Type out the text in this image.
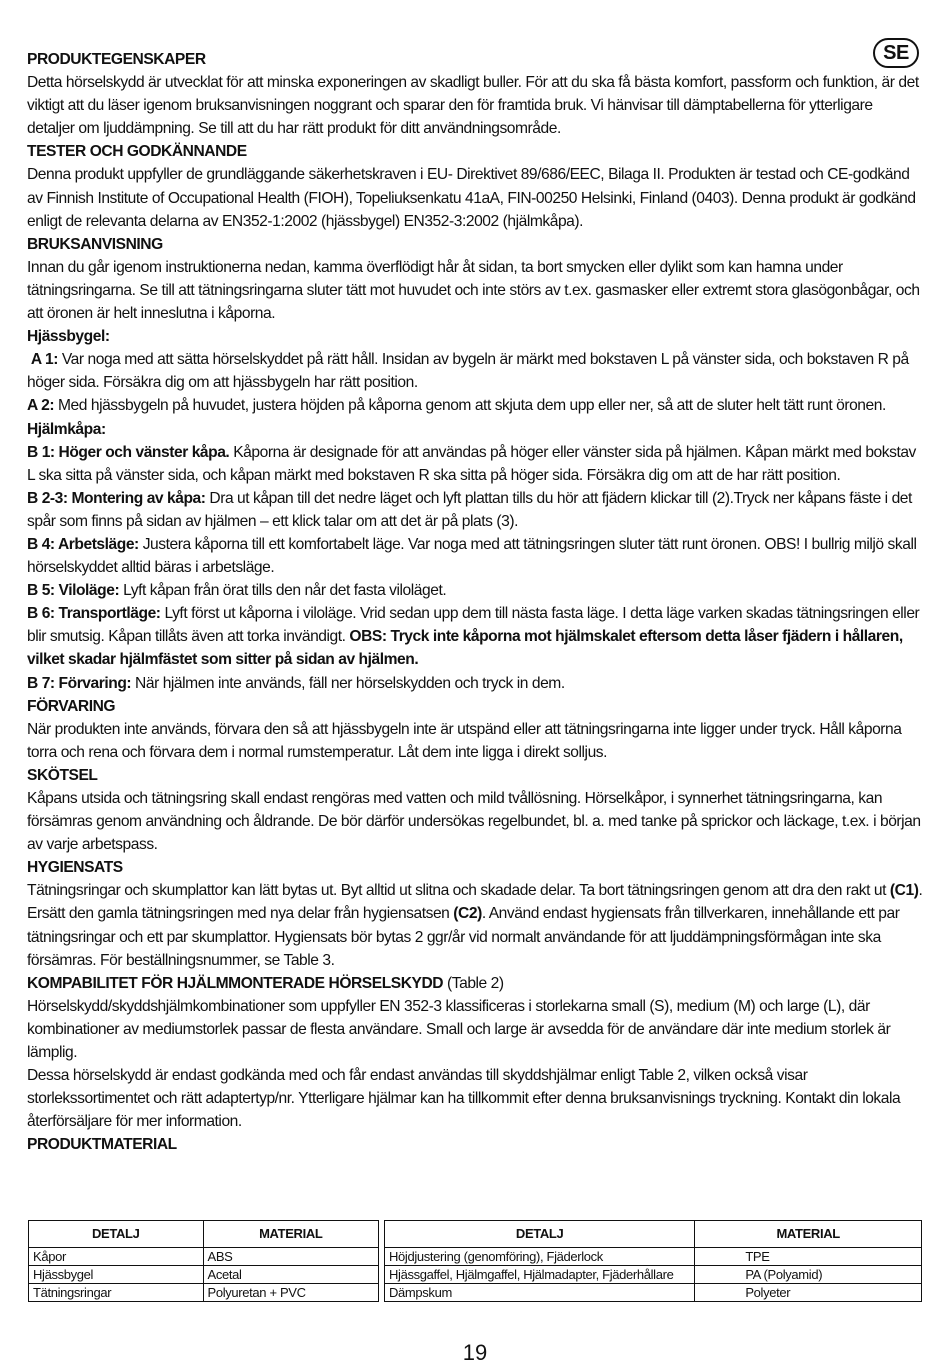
SE
PRODUKTEGENSKAPER

Detta hörselskydd är utvecklat för att minska exponeringen av skadligt buller. För att du ska få bästa komfort, passform och funktion, är det viktigt att du läser igenom bruksanvisningen noggrant och sparar den för framtida bruk. Vi hänvisar till dämptabellerna för ytterligare detaljer om ljuddämpning. Se till att du har rätt produkt för ditt användningsområde.

TESTER OCH GODKÄNNANDE

Denna produkt uppfyller de grundläggande säkerhetskraven i EU- Direktivet 89/686/EEC, Bilaga II. Produkten är testad och CE-godkänd av Finnish Institute of Occupational Health (FIOH), Topeliuksenkatu 41aA, FIN-00250 Helsinki, Finland (0403). Denna produkt är godkänd enligt de relevanta delarna av EN352-1:2002 (hjässbygel) EN352-3:2002 (hjälmkåpa).

BRUKSANVISNING

Innan du går igenom instruktionerna nedan, kamma överflödigt hår åt sidan, ta bort smycken eller dylikt som kan hamna under tätningsringarna. Se till att tätningsringarna sluter tätt mot huvudet och inte störs av t.ex. gasmasker eller extremt stora glasögonbågar, och att öronen är helt inneslutna i kåporna.

Hjässbygel:

A 1: Var noga med att sätta hörselskyddet på rätt håll. Insidan av bygeln är märkt med bokstaven L på vänster sida, och bokstaven R på höger sida. Försäkra dig om att hjässbygeln har rätt position.

A 2: Med hjässbygeln på huvudet, justera höjden på kåporna genom att skjuta dem upp eller ner, så att de sluter helt tätt runt öronen.

Hjälmkåpa:

B 1: Höger och vänster kåpa. Kåporna är designade för att användas på höger eller vänster sida på hjälmen. Kåpan märkt med bokstav L ska sitta på vänster sida, och kåpan märkt med bokstaven R ska sitta på höger sida. Försäkra dig om att de har rätt position.

B 2-3: Montering av kåpa: Dra ut kåpan till det nedre läget och lyft plattan tills du hör att fjädern klickar till (2).Tryck ner kåpans fäste i det spår som finns på sidan av hjälmen – ett klick talar om att det är på plats (3).

B 4: Arbetsläge: Justera kåporna till ett komfortabelt läge. Var noga med att tätningsringen sluter tätt runt öronen. OBS! I bullrig miljö skall hörselskyddet alltid bäras i arbetsläge.

B 5: Viloläge: Lyft kåpan från örat tills den når det fasta viloläget.

B 6: Transportläge: Lyft först ut kåporna i viloläge. Vrid sedan upp dem till nästa fasta läge. I detta läge varken skadas tätningsringen eller blir smutsig. Kåpan tillåts även att torka invändigt. OBS: Tryck inte kåporna mot hjälmskalet eftersom detta låser fjädern i hållaren, vilket skadar hjälmfästet som sitter på sidan av hjälmen.

B 7: Förvaring: När hjälmen inte används, fäll ner hörselskydden och tryck in dem.

FÖRVARING

När produkten inte används, förvara den så att hjässbygeln inte är utspänd eller att tätningsringarna inte ligger under tryck. Håll kåporna torra och rena och förvara dem i normal rumstemperatur. Låt dem inte ligga i direkt solljus.

SKÖTSEL

Kåpans utsida och tätningsring skall endast rengöras med vatten och mild tvållösning. Hörselkåpor, i synnerhet tätningsringarna, kan försämras genom användning och åldrande. De bör därför undersökas regelbundet, bl. a. med tanke på sprickor och läckage, t.ex. i början av varje arbetspass.

HYGIENSATS

Tätningsringar och skumplattor kan lätt bytas ut. Byt alltid ut slitna och skadade delar. Ta bort tätningsringen genom att dra den rakt ut (C1). Ersätt den gamla tätningsringen med nya delar från hygiensatsen (C2). Använd endast hygiensats från tillverkaren, innehållande ett par tätningsringar och ett par skumplattor. Hygiensats bör bytas 2 ggr/år vid normalt användande för att ljuddämpningsförmågan inte ska försämras. För beställningsnummer, se Table 3.

KOMPABILITET FÖR HJÄLMMONTERADE HÖRSELSKYDD (Table 2)

Hörselskydd/skyddshjälmkombinationer som uppfyller EN 352-3 klassificeras i storlekarna small (S), medium (M) och large (L), där kombinationer av mediumstorlek passar de flesta användare. Small och large är avsedda för de användare där inte medium storlek är lämplig.

Dessa hörselskydd är endast godkända med och får endast användas till skyddshjälmar enligt Table 2, vilken också visar storlekssortimentet och rätt adaptertyp/nr. Ytterligare hjälmar kan ha tillkommit efter denna bruksanvisnings tryckning. Kontakt din lokala återförsäljare för mer information.

PRODUKTMATERIAL
DETALJ	MATERIAL
Kåpor	ABS
Hjässbygel	Acetal
Tätningsringar	Polyuretan + PVC
DETALJ	MATERIAL
Höjdjustering (genomföring), Fjäderlock	TPE
Hjässgaffel, Hjälmgaffel, Hjälmadapter, Fjäderhållare	PA (Polyamid)
Dämpskum	Polyeter
19
